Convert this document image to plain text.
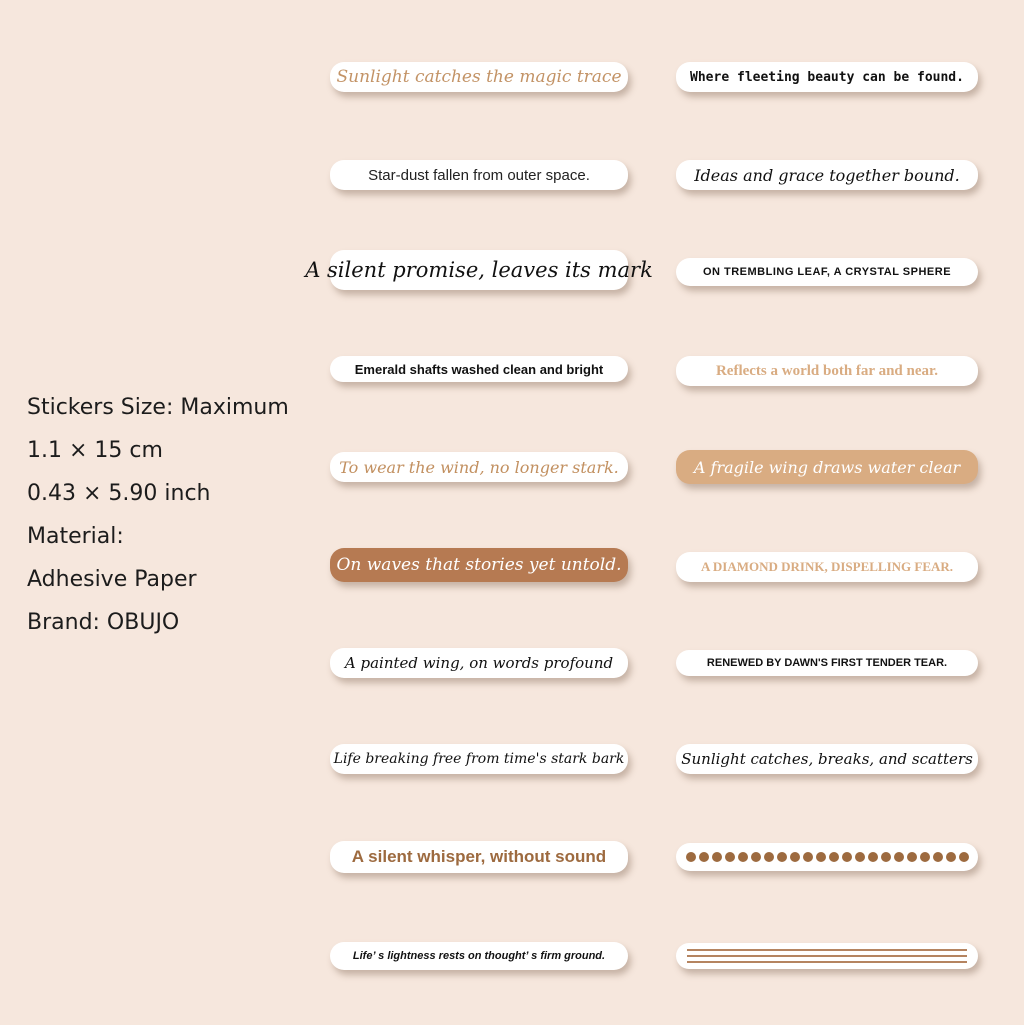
Stickers Size: Maximum
1.1 × 15 cm
0.43 × 5.90 inch
Material:
Adhesive Paper
Brand: OBUJO
Sunlight catches the magic trace
Star-dust fallen from outer space.
A silent promise, leaves its mark
Emerald shafts washed clean and bright
To wear the wind, no longer stark.
On waves that stories yet untold.
A painted wing, on words profound
Life breaking free from time's stark bark
A silent whisper, without sound
Life’ s lightness rests on thought’ s firm ground.
Where fleeting beauty can be found.
Ideas and grace together bound.
ON TREMBLING LEAF, A CRYSTAL SPHERE
Reflects a world both far and near.
A fragile wing draws water clear
A DIAMOND DRINK, DISPELLING FEAR.
RENEWED BY DAWN'S FIRST TENDER TEAR.
Sunlight catches, breaks, and scatters
